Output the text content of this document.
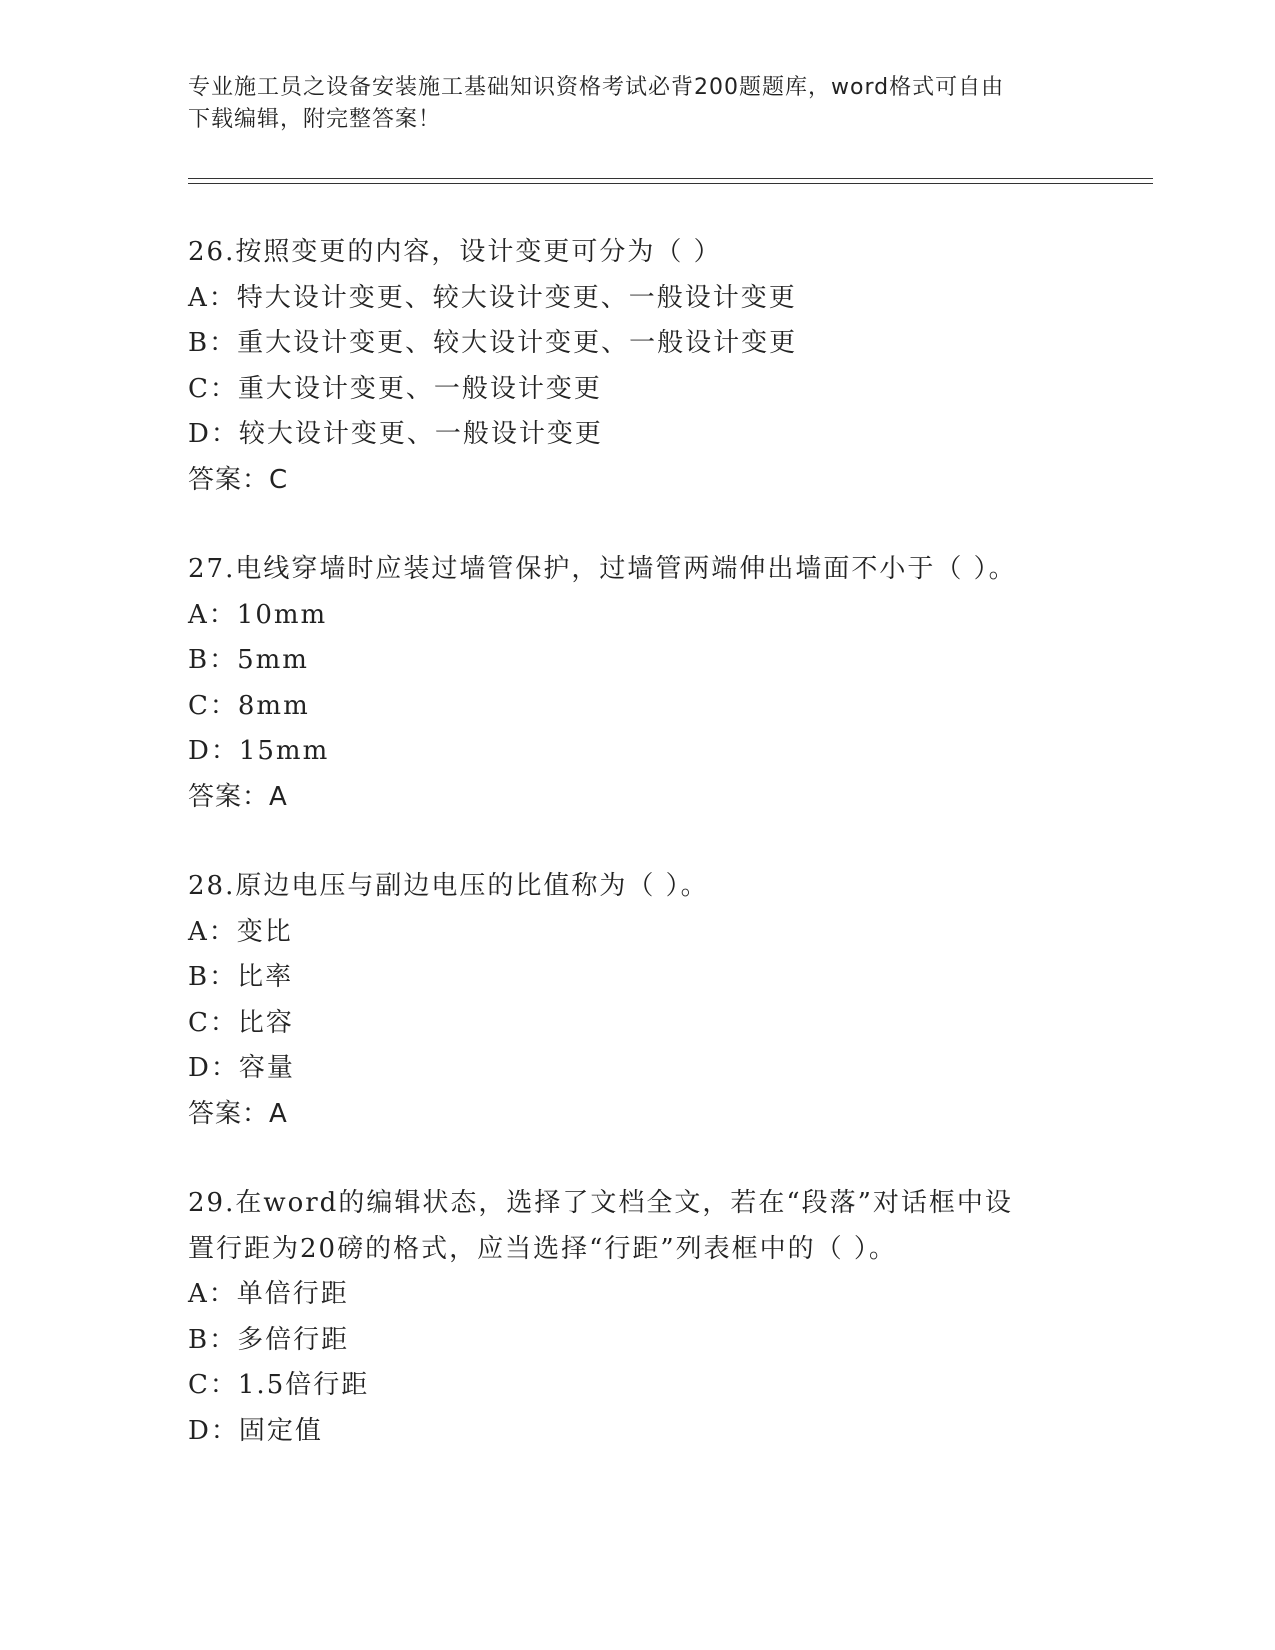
专业施工员之设备安装施工基础知识资格考试必背200题题库，word格式可自由
下载编辑，附完整答案！
26.按照变更的内容，设计变更可分为（ ）
A：特大设计变更、较大设计变更、一般设计变更
B：重大设计变更、较大设计变更、一般设计变更
C：重大设计变更、一般设计变更
D：较大设计变更、一般设计变更
答案：C
27.电线穿墙时应装过墙管保护，过墙管两端伸出墙面不小于（ ）。
A：10mm
B：5mm
C：8mm
D：15mm
答案：A
28.原边电压与副边电压的比值称为（ ）。
A：变比
B：比率
C：比容
D：容量
答案：A
29.在word的编辑状态，选择了文档全文，若在“段落”对话框中设
置行距为20磅的格式，应当选择“行距”列表框中的（ ）。
A：单倍行距
B：多倍行距
C：1.5倍行距
D：固定值
